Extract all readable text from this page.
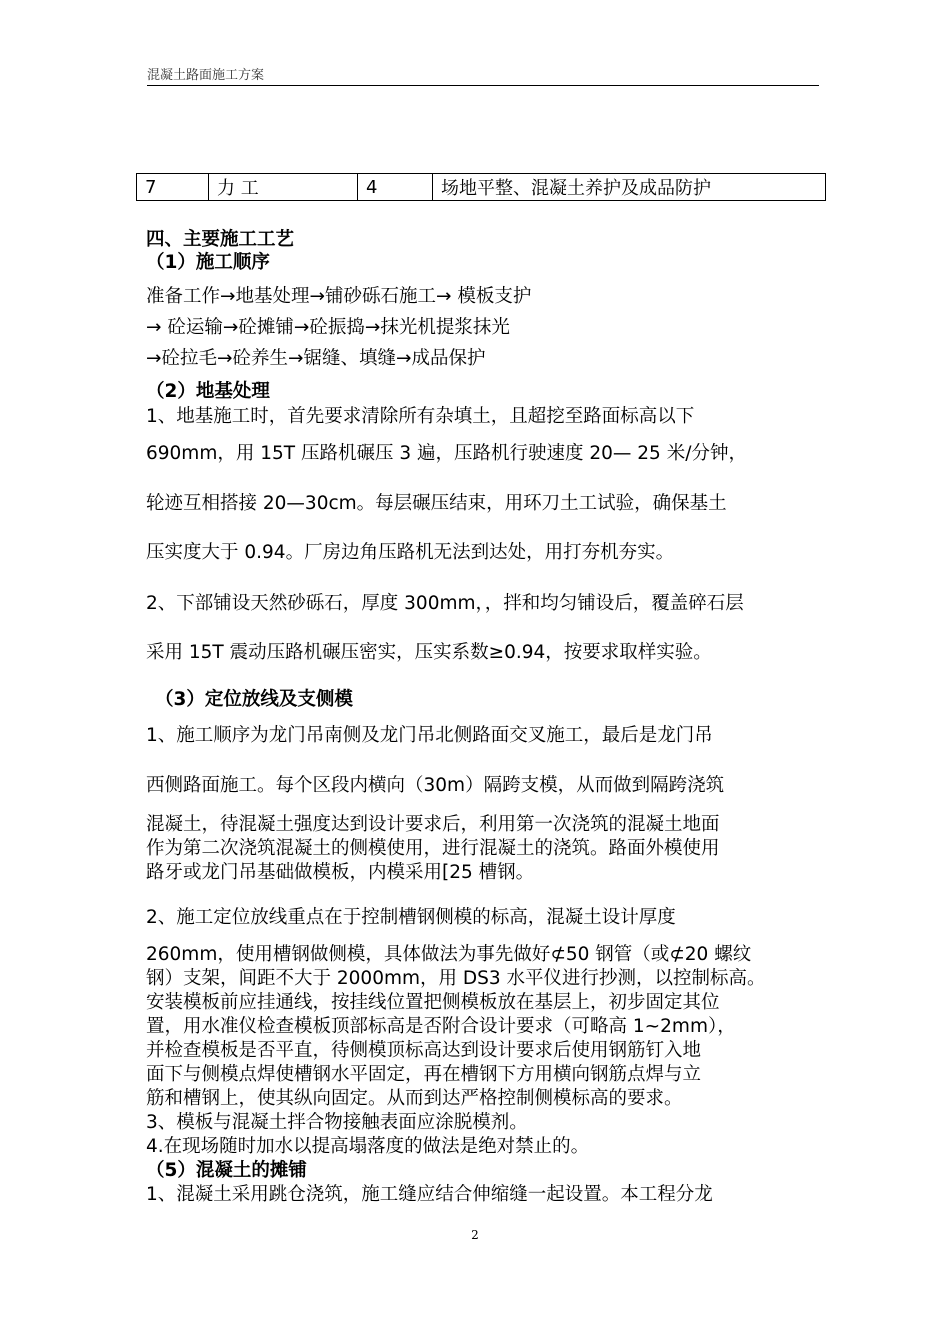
混凝土路面施工方案
7	力 工	4	场地平整、混凝土养护及成品防护
四、主要施工工艺
（1）施工顺序
准备工作→地基处理→铺砂砾石施工→ 模板支护
→ 砼运输→砼摊铺→砼振捣→抹光机提浆抹光
→砼拉毛→砼养生→锯缝、填缝→成品保护
（2）地基处理
1、地基施工时，首先要求清除所有杂填土，且超挖至路面标高以下
690mm，用 15T 压路机碾压 3 遍，压路机行驶速度 20— 25 米/分钟，
轮迹互相搭接 20—30cm。每层碾压结束，用环刀土工试验，确保基土
压实度大于 0.94。厂房边角压路机无法到达处，用打夯机夯实。
2、下部铺设天然砂砾石，厚度 300mm，，拌和均匀铺设后，覆盖碎石层
采用 15T 震动压路机碾压密实，压实系数≥0.94，按要求取样实验。
（3）定位放线及支侧模
1、施工顺序为龙门吊南侧及龙门吊北侧路面交叉施工，最后是龙门吊
西侧路面施工。每个区段内横向（30m）隔跨支模，从而做到隔跨浇筑
混凝土，待混凝土强度达到设计要求后，利用第一次浇筑的混凝土地面
作为第二次浇筑混凝土的侧模使用，进行混凝土的浇筑。路面外模使用
路牙或龙门吊基础做模板，内模采用[25 槽钢。
2、施工定位放线重点在于控制槽钢侧模的标高，混凝土设计厚度
260mm，使用槽钢做侧模，具体做法为事先做好⊄50 钢管（或⊄20 螺纹
钢）支架，间距不大于 2000mm，用 DS3 水平仪进行抄测，以控制标高。
安装模板前应挂通线，按挂线位置把侧模板放在基层上，初步固定其位
置，用水准仪检查模板顶部标高是否附合设计要求（可略高 1~2mm），
并检查模板是否平直，待侧模顶标高达到设计要求后使用钢筋钉入地
面下与侧模点焊使槽钢水平固定，再在槽钢下方用横向钢筋点焊与立
筋和槽钢上，使其纵向固定。从而到达严格控制侧模标高的要求。
3、模板与混凝土拌合物接触表面应涂脱模剂。
4.在现场随时加水以提高塌落度的做法是绝对禁止的。
（5）混凝土的摊铺
1、混凝土采用跳仓浇筑，施工缝应结合伸缩缝一起设置。本工程分龙
2
